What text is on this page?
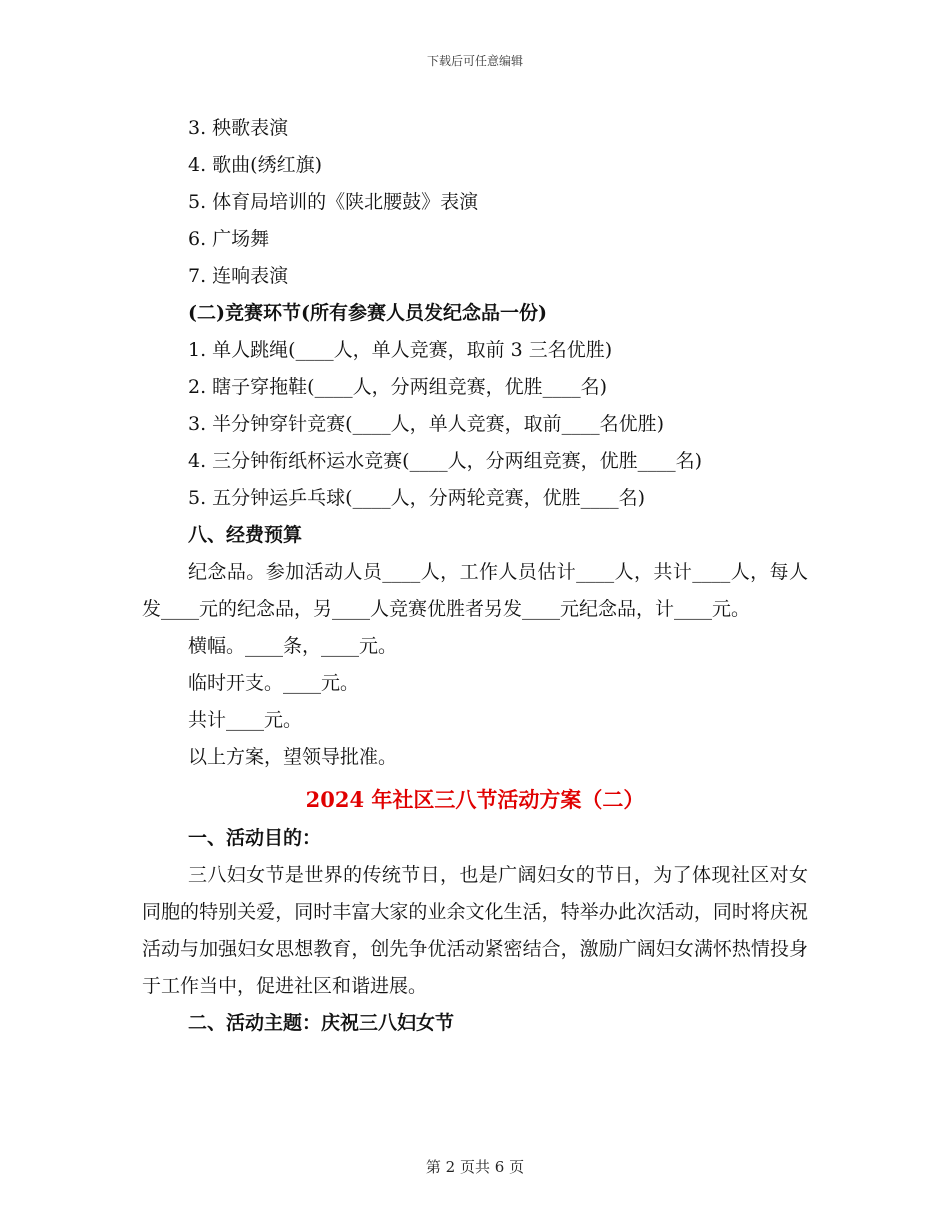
下载后可任意编辑

3. 秧歌表演

4. 歌曲(绣红旗)

5. 体育局培训的《陕北腰鼓》表演

6. 广场舞

7. 连响表演

(二)竞赛环节(所有参赛人员发纪念品一份)

1. 单人跳绳(____人，单人竞赛，取前 3 三名优胜)

2. 瞎子穿拖鞋(____人，分两组竞赛，优胜____名)

3. 半分钟穿针竞赛(____人，单人竞赛，取前____名优胜)

4. 三分钟衔纸杯运水竞赛(____人，分两组竞赛，优胜____名)

5. 五分钟运乒乓球(____人，分两轮竞赛，优胜____名)

八、经费预算

纪念品。参加活动人员____人，工作人员估计____人，共计____人，每人发____元的纪念品，另____人竞赛优胜者另发____元纪念品，计____元。

横幅。____条，____元。

临时开支。____元。

共计____元。

以上方案，望领导批准。

2024 年社区三八节活动方案（二）

一、活动目的：

三八妇女节是世界的传统节日，也是广阔妇女的节日，为了体现社区对女同胞的特别关爱，同时丰富大家的业余文化生活，特举办此次活动，同时将庆祝活动与加强妇女思想教育，创先争优活动紧密结合，激励广阔妇女满怀热情投身于工作当中，促进社区和谐进展。

二、活动主题：庆祝三八妇女节

第 2 页共 6 页
